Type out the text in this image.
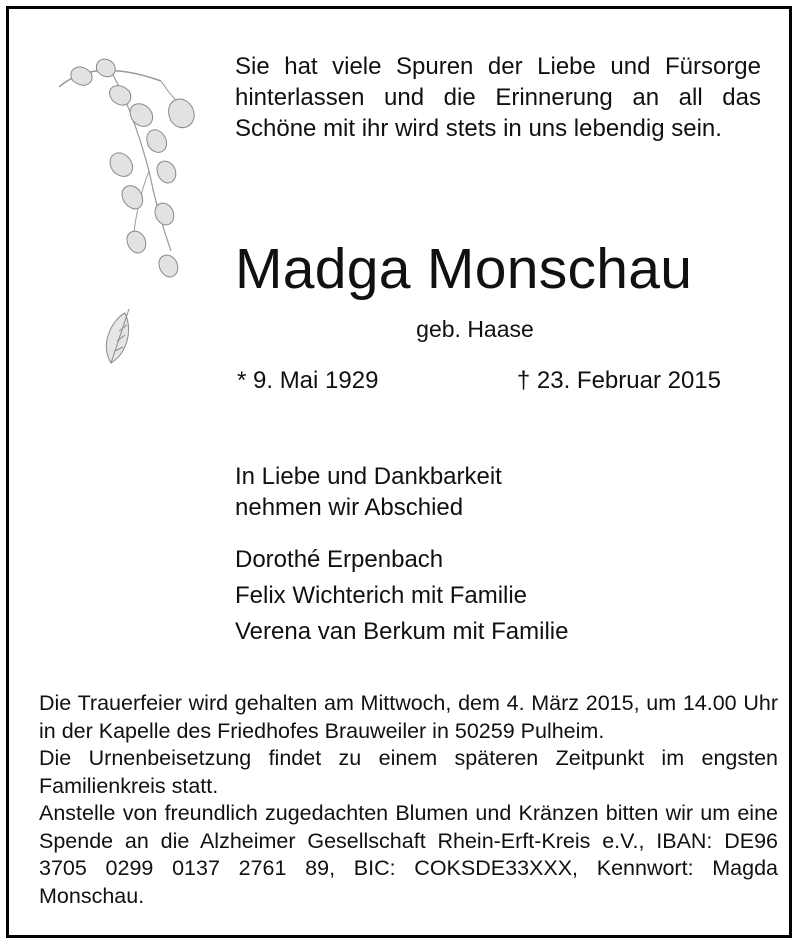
Sie hat viele Spuren der Liebe und Fürsorge hinterlassen und die Erinnerung an all das Schöne mit ihr wird stets in uns lebendig sein.
Madga Monschau
geb. Haase
* 9. Mai 1929	† 23. Februar 2015
In Liebe und Dankbarkeit
nehmen wir Abschied
Dorothé Erpenbach
Felix Wichterich mit Familie
Verena van Berkum mit Familie

Die Trauerfeier wird gehalten am Mittwoch, dem 4. März 2015, um 14.00 Uhr in der Kapelle des Friedhofes Brauweiler in 50259 Pulheim.

Die Urnenbeisetzung findet zu einem späteren Zeitpunkt im engsten Familienkreis statt.

Anstelle von freundlich zugedachten Blumen und Kränzen bitten wir um eine Spende an die Alzheimer Gesellschaft Rhein-Erft-Kreis e.V., IBAN: DE96 3705 0299 0137 2761 89, BIC: COKSDE33XXX, Kennwort: Magda Monschau.
